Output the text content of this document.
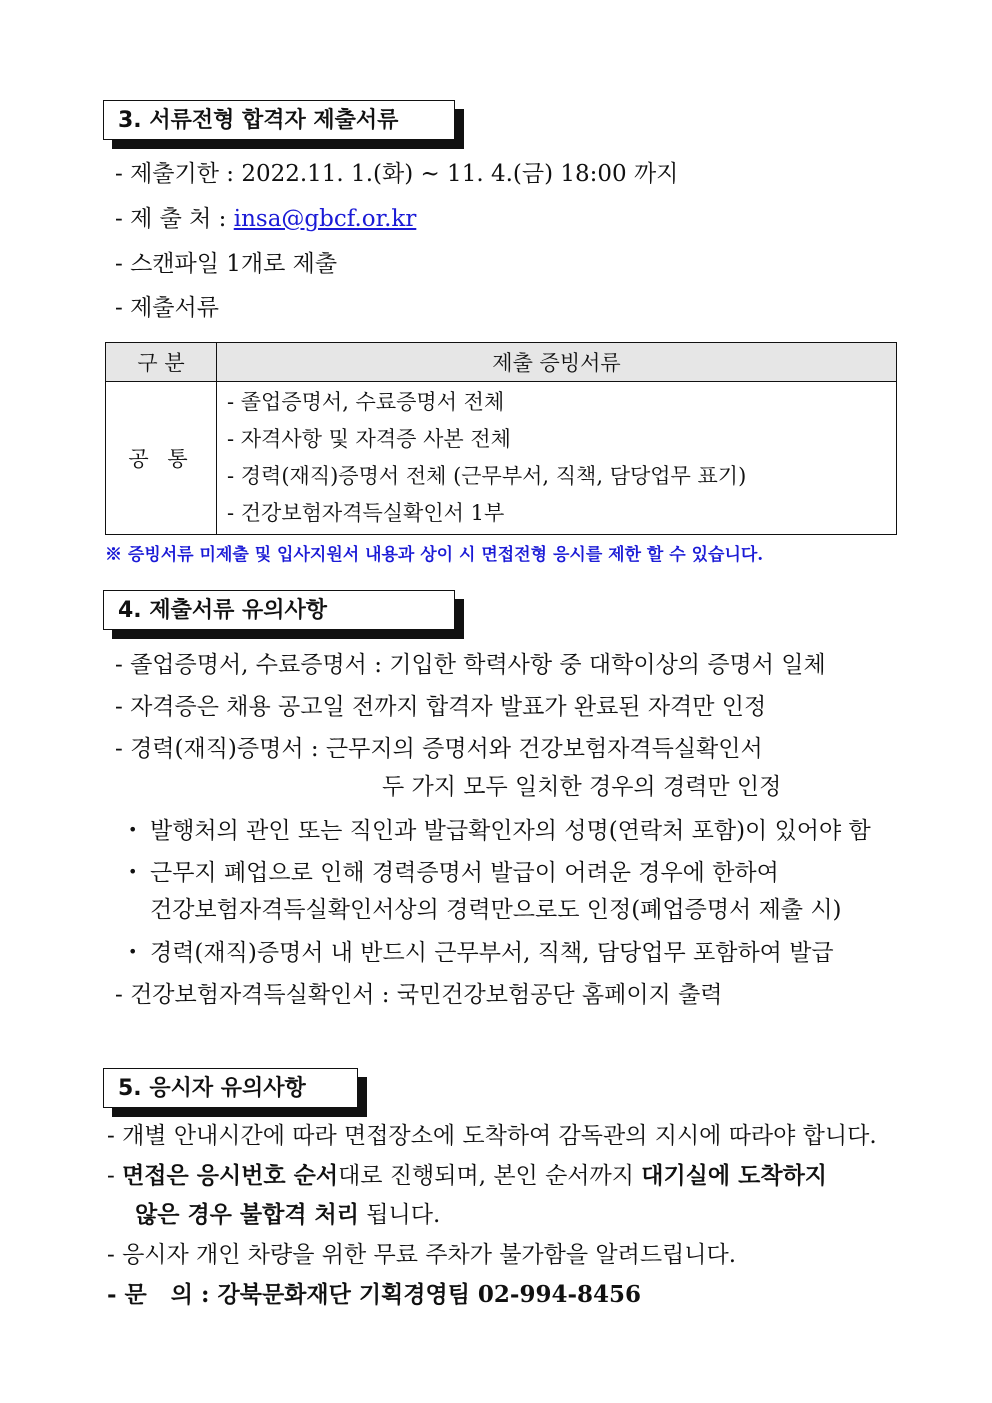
3. 서류전형 합격자 제출서류
- 제출기한 : 2022.11. 1.(화) ~ 11. 4.(금) 18:00 까지
- 제 출 처 : insa@gbcf.or.kr
- 스캔파일 1개로 제출
- 제출서류
구 분	제출 증빙서류
공 통	- 졸업증명서, 수료증명서 전체
- 자격사항 및 자격증 사본 전체
- 경력(재직)증명서 전체 (근무부서, 직책, 담당업무 표기)
- 건강보험자격득실확인서 1부
※ 증빙서류 미제출 및 입사지원서 내용과 상이 시 면접전형 응시를 제한 할 수 있습니다.
4. 제출서류 유의사항
- 졸업증명서, 수료증명서 : 기입한 학력사항 중 대학이상의 증명서 일체
- 자격증은 채용 공고일 전까지 합격자 발표가 완료된 자격만 인정
- 경력(재직)증명서 : 근무지의 증명서와 건강보험자격득실확인서
두 가지 모두 일치한 경우의 경력만 인정
• 발행처의 관인 또는 직인과 발급확인자의 성명(연락처 포함)이 있어야 함
• 근무지 폐업으로 인해 경력증명서 발급이 어려운 경우에 한하여
건강보험자격득실확인서상의 경력만으로도 인정(폐업증명서 제출 시)
• 경력(재직)증명서 내 반드시 근무부서, 직책, 담당업무 포함하여 발급
- 건강보험자격득실확인서 : 국민건강보험공단 홈페이지 출력
5. 응시자 유의사항
- 개별 안내시간에 따라 면접장소에 도착하여 감독관의 지시에 따라야 합니다.
- 면접은 응시번호 순서대로 진행되며, 본인 순서까지 대기실에 도착하지
않은 경우 불합격 처리 됩니다.
- 응시자 개인 차량을 위한 무료 주차가 불가함을 알려드립니다.
- 문   의 : 강북문화재단 기획경영팀 02-994-8456
